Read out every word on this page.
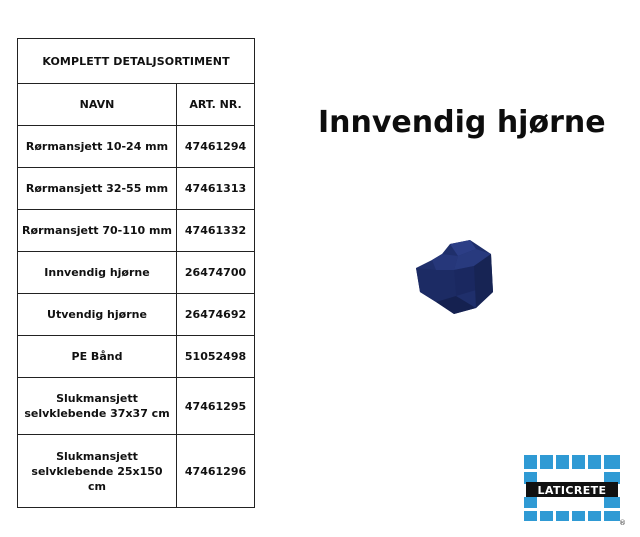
KOMPLETT DETALJSORTIMENT	
NAVN	ART. NR.
Rørmansjett 10-24 mm	47461294
Rørmansjett 32-55 mm	47461313
Rørmansjett 70-110 mm	47461332
Innvendig hjørne	26474700
Utvendig hjørne	26474692
PE Bånd	51052498
Slukmansjett selvklebende 37x37 cm	47461295
Slukmansjett selvklebende 25x150 cm	47461296
Innvendig hjørne
LATICRETE
®
